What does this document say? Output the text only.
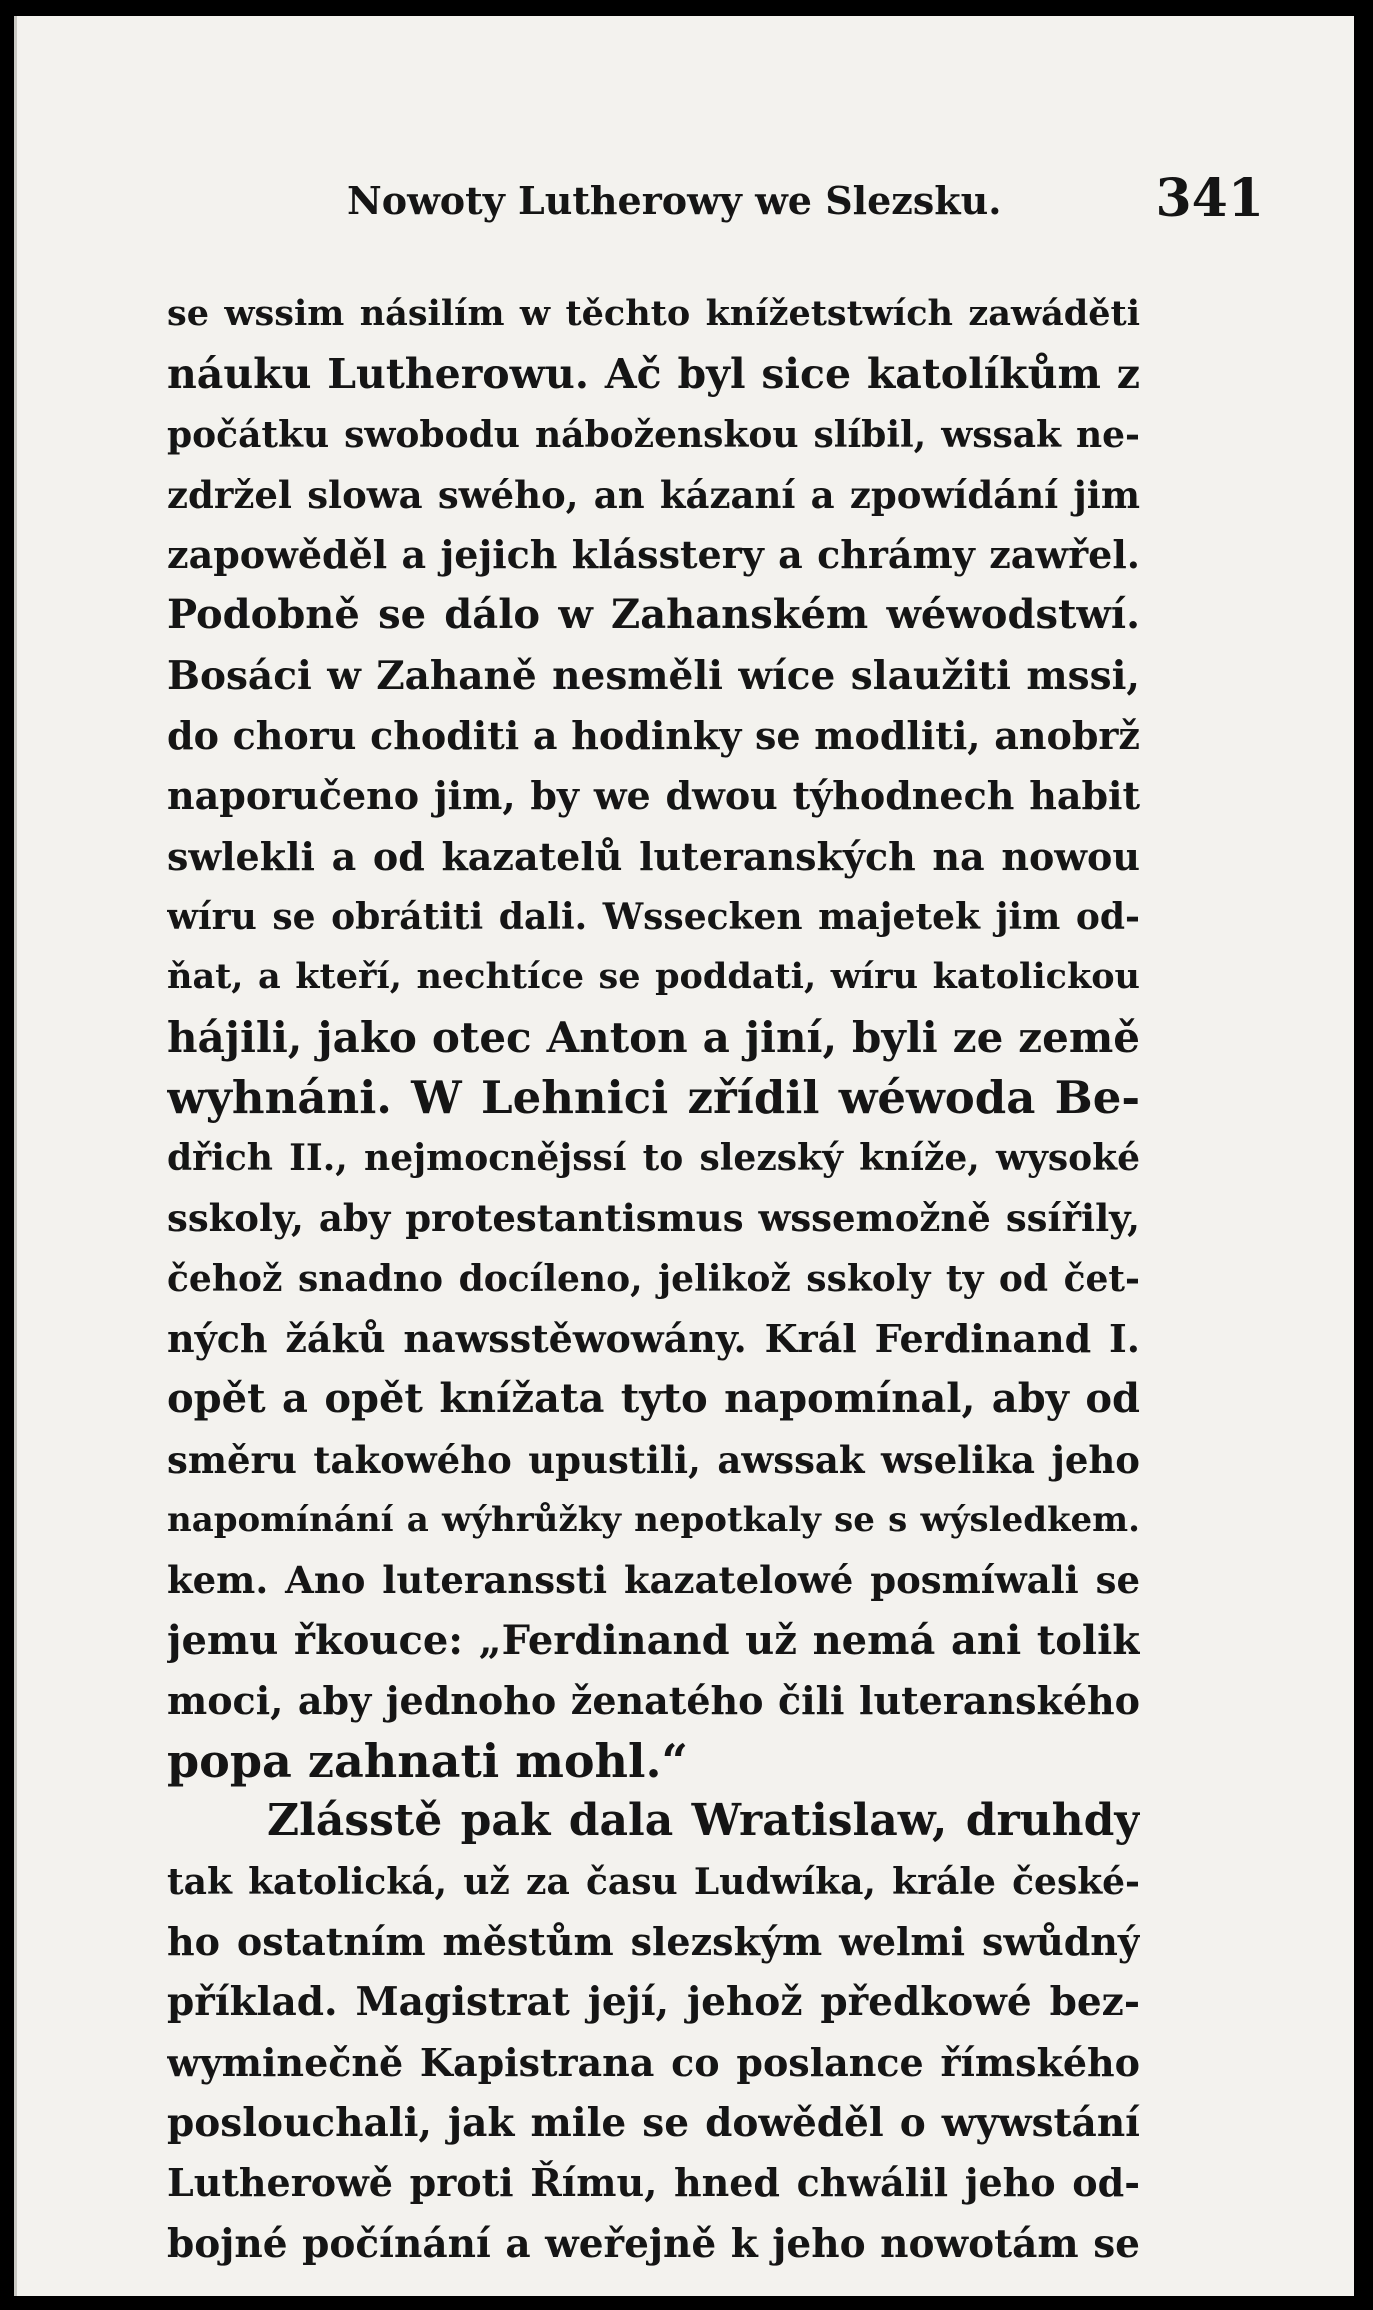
Nowoty Lutherowy we Slezsku.	341
se wssim násilím w těchto knížetstwích zawáděti
náuku Lutherowu. Ač byl sice katolíkům z
počátku swobodu náboženskou slíbil, wssak ne-
zdržel slowa swého, an kázaní a zpowídání jim
zapowěděl a jejich klásstery a chrámy zawřel.
Podobně se dálo w Zahanském wéwodstwí.
Bosáci w Zahaně nesměli wíce slaužiti mssi,
do choru choditi a hodinky se modliti, anobrž
naporučeno jim, by we dwou týhodnech habit
swlekli a od kazatelů luteranských na nowou
wíru se obrátiti dali. Wssecken majetek jim od-
ňat, a kteří, nechtíce se poddati, wíru katolickou
hájili, jako otec Anton a jiní, byli ze země
wyhnáni. W Lehnici zřídil wéwoda Be-
dřich II., nejmocnějssí to slezský kníže, wysoké
sskoly, aby protestantismus wssemožně ssířily,
čehož snadno docíleno, jelikož sskoly ty od čet-
ných žáků nawsstěwowány. Král Ferdinand I.
opět a opět knížata tyto napomínal, aby od
směru takowého upustili, awssak wselika jeho
napomínání a wýhrůžky nepotkaly se s wýsledkem.
kem. Ano luteranssti kazatelowé posmíwali se
jemu řkouce: „Ferdinand už nemá ani tolik
moci, aby jednoho ženatého čili luteranského
popa zahnati mohl.“
Zlásstě pak dala Wratislaw, druhdy
tak katolická, už za času Ludwíka, krále české-
ho ostatním městům slezským welmi swůdný
příklad. Magistrat její, jehož předkowé bez-
wyminečně Kapistrana co poslance římského
poslouchali, jak mile se dowěděl o wywstání
Lutherowě proti Římu, hned chwálil jeho od-
bojné počínání a weřejně k jeho nowotám se
